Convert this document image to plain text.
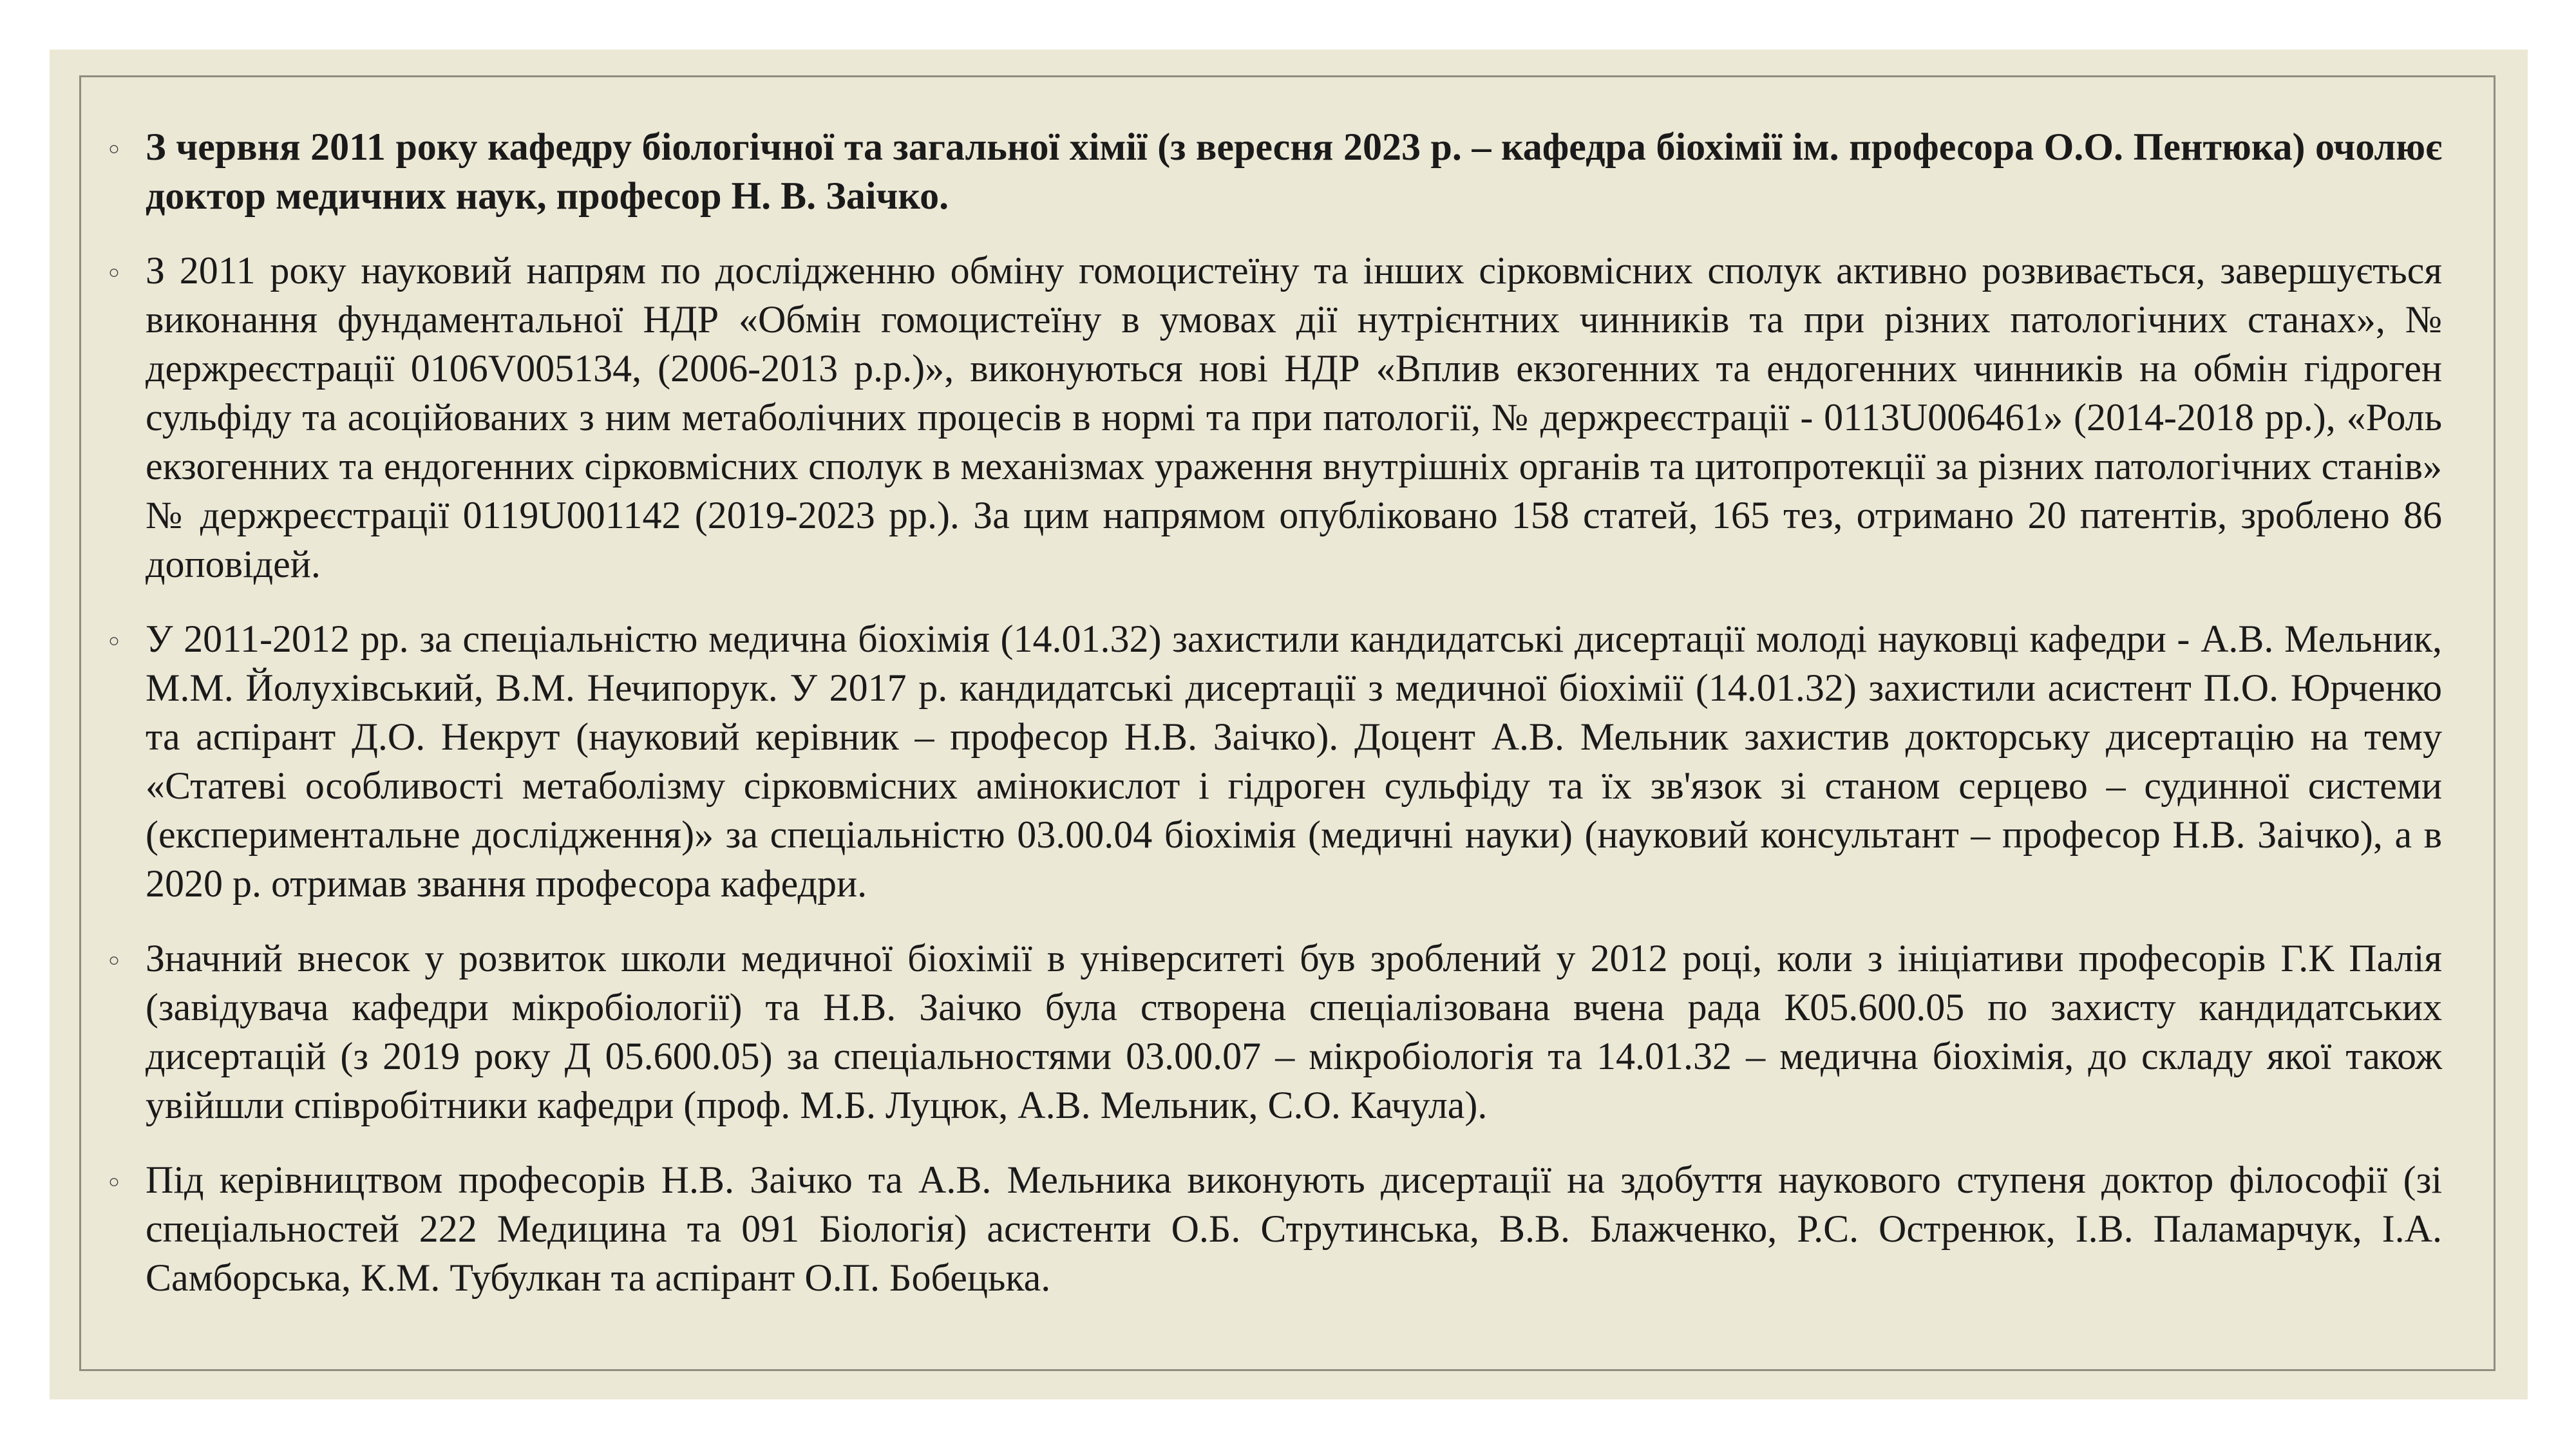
◦ З червня 2011 року кафедру біологічної та загальної хімії (з вересня 2023 р. – кафедра біохімії ім. професора О.О. Пентюка) очолює доктор медичних наук, професор Н. В. Заічко.
◦ З 2011 року науковий напрям по дослідженню обміну гомоцистеїну та інших сірковмісних сполук активно розвивається, завершується виконання фундаментальної НДР «Обмін гомоцистеїну в умовах дії нутрієнтних чинників та при різних патологічних станах», № держреєстрації 0106V005134, (2006-2013 р.р.)», виконуються нові НДР «Вплив екзогенних та ендогенних чинників на обмін гідроген сульфіду та асоційованих з ним метаболічних процесів в нормі та при патології, № держреєстрації - 0113U006461» (2014-2018 рр.), «Роль екзогенних та ендогенних сірковмісних сполук в механізмах ураження внутрішніх органів та цитопротекції за різних патологічних станів» № держреєстрації 0119U001142 (2019-2023 рр.). За цим напрямом опубліковано 158 статей, 165 тез, отримано 20 патентів, зроблено 86 доповідей.
◦ У 2011-2012 рр. за спеціальністю медична біохімія (14.01.32) захистили кандидатські дисертації молоді науковці кафедри - А.В. Мельник, М.М. Йолухівський, В.М. Нечипорук. У 2017 р. кандидатські дисертації з медичної біохімії (14.01.32) захистили асистент П.О. Юрченко та аспірант Д.О. Некрут (науковий керівник – професор Н.В. Заічко). Доцент А.В. Мельник захистив докторську дисертацію на тему «Статеві особливості метаболізму сірковмісних амінокислот і гідроген сульфіду та їх зв'язок зі станом серцево – судинної системи (експериментальне дослідження)» за спеціальністю 03.00.04 біохімія (медичні науки) (науковий консультант – професор Н.В. Заічко), а в 2020 р. отримав звання професора кафедри.
◦ Значний внесок у розвиток школи медичної біохімії в університеті був зроблений у 2012 році, коли з ініціативи професорів Г.К Палія (завідувача кафедри мікробіології) та Н.В. Заічко була створена спеціалізована вчена рада К05.600.05 по захисту кандидатських дисертацій (з 2019 року Д 05.600.05) за спеціальностями 03.00.07 – мікробіологія та 14.01.32 – медична біохімія, до складу якої також увійшли співробітники кафедри (проф. М.Б. Луцюк, А.В. Мельник, С.О. Качула).
◦ Під керівництвом професорів Н.В. Заічко та А.В. Мельника виконують дисертації на здобуття наукового ступеня доктор філософії (зі спеціальностей 222 Медицина та 091 Біологія) асистенти О.Б. Струтинська, В.В. Блажченко, Р.С. Остренюк, І.В. Паламарчук, І.А. Самборська, К.М. Тубулкан та аспірант О.П. Бобецька.
